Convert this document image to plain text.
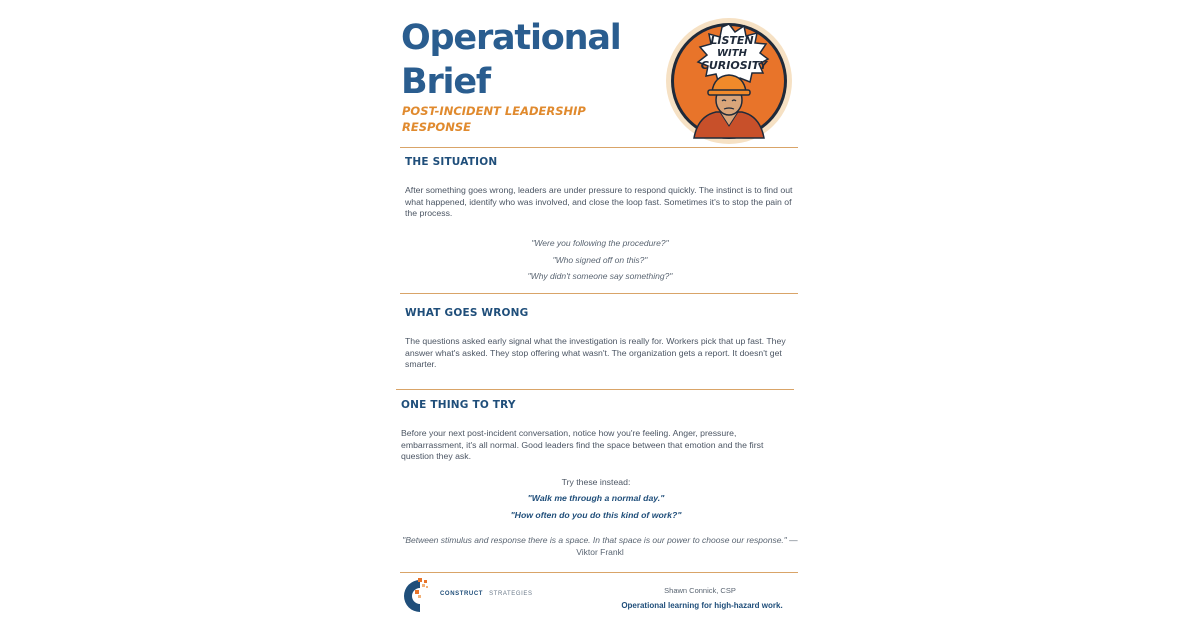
Operational
Brief
POST-INCIDENT LEADERSHIP RESPONSE
LISTEN
WITH
CURIOSITY
THE SITUATION
After something goes wrong, leaders are under pressure to respond quickly. The instinct is to find out what happened, identify who was involved, and close the loop fast. Sometimes it's to stop the pain of the process.
"Were you following the procedure?"
"Who signed off on this?"
"Why didn't someone say something?"
WHAT GOES WRONG
The questions asked early signal what the investigation is really for. Workers pick that up fast. They answer what's asked. They stop offering what wasn't. The organization gets a report. It doesn't get smarter.
ONE THING TO TRY
Before your next post-incident conversation, notice how you're feeling. Anger, pressure, embarrassment, it's all normal. Good leaders find the space between that emotion and the first question they ask.
Try these instead:
"Walk me through a normal day."
"How often do you do this kind of work?"
"Between stimulus and response there is a space. In that space is our power to choose our response." — Viktor Frankl
CONSTRUCT STRATEGIES	Shawn Connick, CSP
Operational learning for high-hazard work.
